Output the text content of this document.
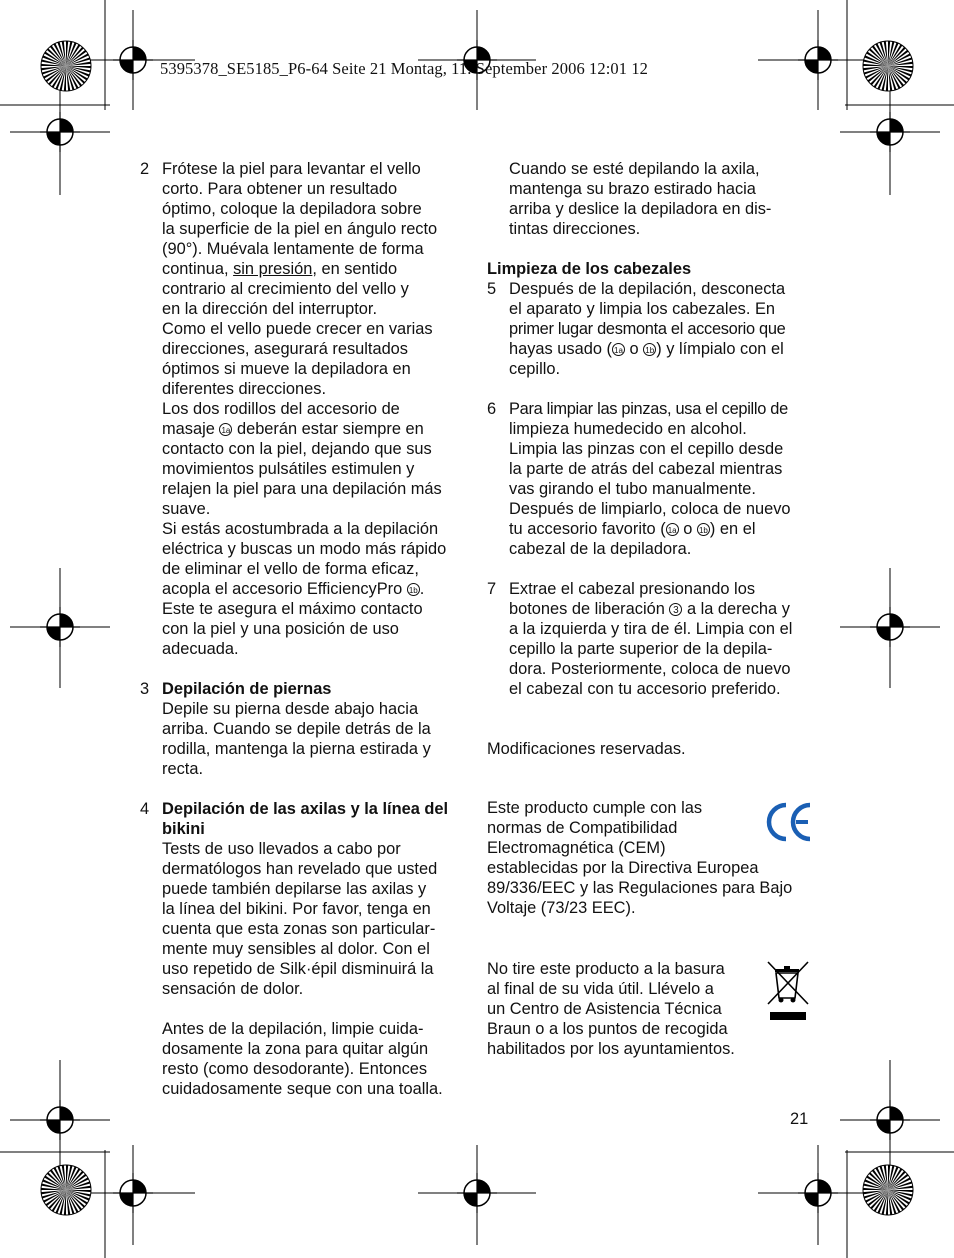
5395378_SE5185_P6-64 Seite 21 Montag, 11. September 2006 12:01 12
2 Frótese la piel para levantar el vello
corto. Para obtener un resultado
óptimo, coloque la depiladora sobre
la superficie de la piel en ángulo recto
(90°). Muévala lentamente de forma
continua, sin presión, en sentido
contrario al crecimiento del vello y
en la dirección del interruptor.
Como el vello puede crecer en varias
direcciones, asegurará resultados
óptimos si mueve la depiladora en
diferentes direcciones.
Los dos rodillos del accesorio de
masaje 1a deberán estar siempre en
contacto con la piel, dejando que sus
movimientos pulsátiles estimulen y
relajen la piel para una depilación más
suave.
Si estás acostumbrada a la depilación
eléctrica y buscas un modo más rápido
de eliminar el vello de forma eficaz,
acopla el accesorio EfficiencyPro 1b .
Este te asegura el máximo contacto
con la piel y una posición de uso
adecuada.
3 Depilación de piernas
Depile su pierna desde abajo hacia
arriba. Cuando se depile detrás de la
rodilla, mantenga la pierna estirada y
recta.
4 Depilación de las axilas y la línea del
bikini
Tests de uso llevados a cabo por
dermatólogos han revelado que usted
puede también depilarse las axilas y
la línea del bikini. Por favor, tenga en
cuenta que esta zonas son particular-
mente muy sensibles al dolor. Con el
uso repetido de Silk·épil disminuirá la
sensación de dolor.
Antes de la depilación, limpie cuida-
dosamente la zona para quitar algún
resto (como desodorante). Entonces
cuidadosamente seque con una toalla.
Cuando se esté depilando la axila,
mantenga su brazo estirado hacia
arriba y deslice la depiladora en dis-
tintas direcciones.
Limpieza de los cabezales
5 Después de la depilación, desconecta
el aparato y limpia los cabezales. En
primer lugar desmonta el accesorio que
hayas usado ( 1a o 1b ) y límpialo con el
cepillo.
6 Para limpiar las pinzas, usa el cepillo de
limpieza humedecido en alcohol.
Limpia las pinzas con el cepillo desde
la parte de atrás del cabezal mientras
vas girando el tubo manualmente.
Después de limpiarlo, coloca de nuevo
tu accesorio favorito ( 1a o 1b ) en el
cabezal de la depiladora.
7 Extrae el cabezal presionando los
botones de liberación 3 a la derecha y
a la izquierda y tira de él. Limpia con el
cepillo la parte superior de la depila-
dora. Posteriormente, coloca de nuevo
el cabezal con tu accesorio preferido.
Modificaciones reservadas.
Este producto cumple con las
normas de Compatibilidad
Electromagnética (CEM)
establecidas por la Directiva Europea
89/336/EEC y las Regulaciones para Bajo
Voltaje (73/23 EEC).
No tire este producto a la basura
al final de su vida útil. Llévelo a
un Centro de Asistencia Técnica
Braun o a los puntos de recogida
habilitados por los ayuntamientos.
21
